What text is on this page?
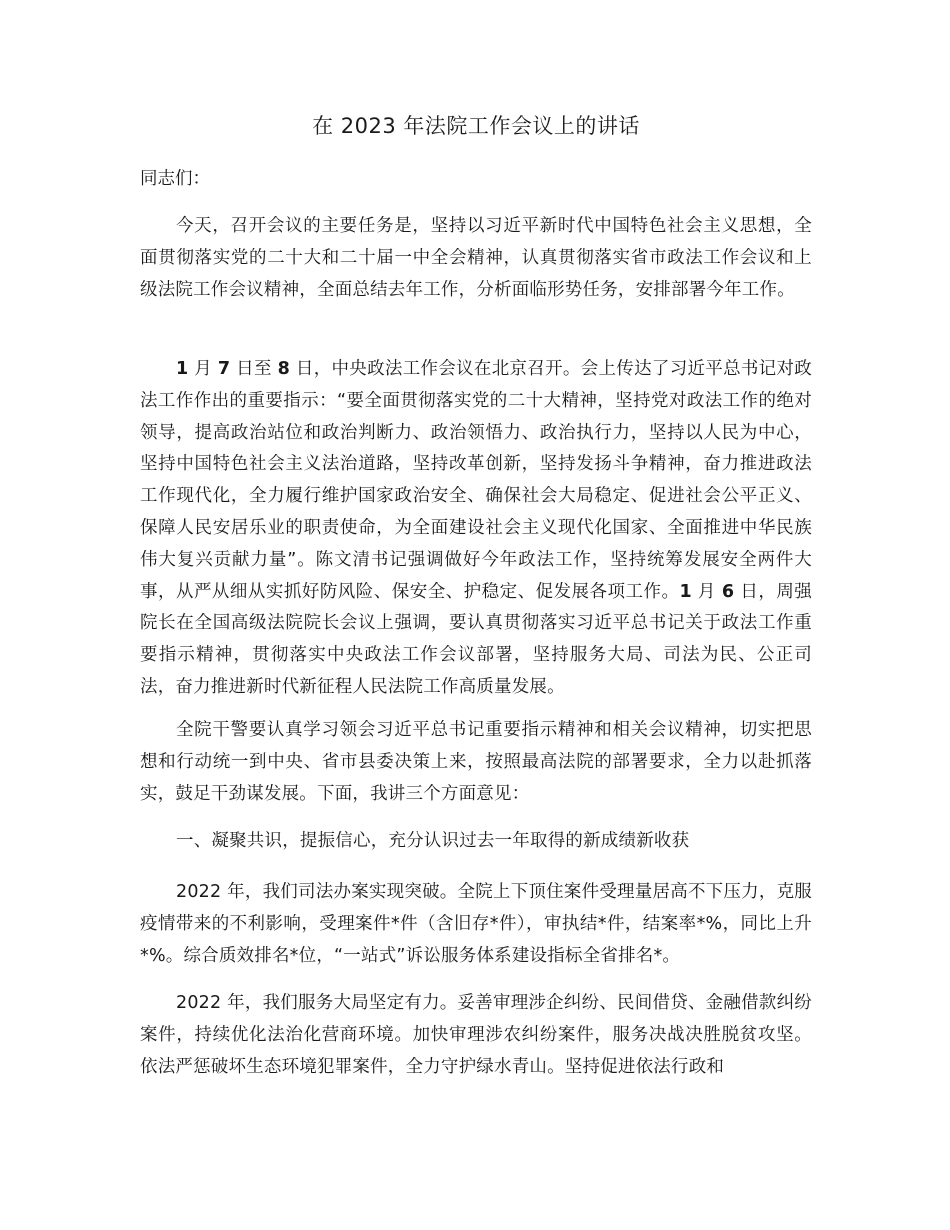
在 2023 年法院工作会议上的讲话

同志们：

今天，召开会议的主要任务是，坚持以习近平新时代中国特色社会主义思想，全面贯彻落实党的二十大和二十届一中全会精神，认真贯彻落实省市政法工作会议和上级法院工作会议精神，全面总结去年工作，分析面临形势任务，安排部署今年工作。

1 月 7 日至 8 日，中央政法工作会议在北京召开。会上传达了习近平总书记对政法工作作出的重要指示：“要全面贯彻落实党的二十大精神，坚持党对政法工作的绝对领导，提高政治站位和政治判断力、政治领悟力、政治执行力，坚持以人民为中心，坚持中国特色社会主义法治道路，坚持改革创新，坚持发扬斗争精神，奋力推进政法工作现代化，全力履行维护国家政治安全、确保社会大局稳定、促进社会公平正义、保障人民安居乐业的职责使命，为全面建设社会主义现代化国家、全面推进中华民族伟大复兴贡献力量”。陈文清书记强调做好今年政法工作，坚持统筹发展安全两件大事，从严从细从实抓好防风险、保安全、护稳定、促发展各项工作。1 月 6 日，周强院长在全国高级法院院长会议上强调，要认真贯彻落实习近平总书记关于政法工作重要指示精神，贯彻落实中央政法工作会议部署，坚持服务大局、司法为民、公正司法，奋力推进新时代新征程人民法院工作高质量发展。

全院干警要认真学习领会习近平总书记重要指示精神和相关会议精神，切实把思想和行动统一到中央、省市县委决策上来，按照最高法院的部署要求，全力以赴抓落实，鼓足干劲谋发展。下面，我讲三个方面意见：

一、凝聚共识，提振信心，充分认识过去一年取得的新成绩新收获

2022 年，我们司法办案实现突破。全院上下顶住案件受理量居高不下压力，克服疫情带来的不利影响，受理案件*件（含旧存*件），审执结*件，结案率*%，同比上升*%。综合质效排名*位，“一站式”诉讼服务体系建设指标全省排名*。

2022 年，我们服务大局坚定有力。妥善审理涉企纠纷、民间借贷、金融借款纠纷案件，持续优化法治化营商环境。加快审理涉农纠纷案件，服务决战决胜脱贫攻坚。依法严惩破坏生态环境犯罪案件，全力守护绿水青山。坚持促进依法行政和
